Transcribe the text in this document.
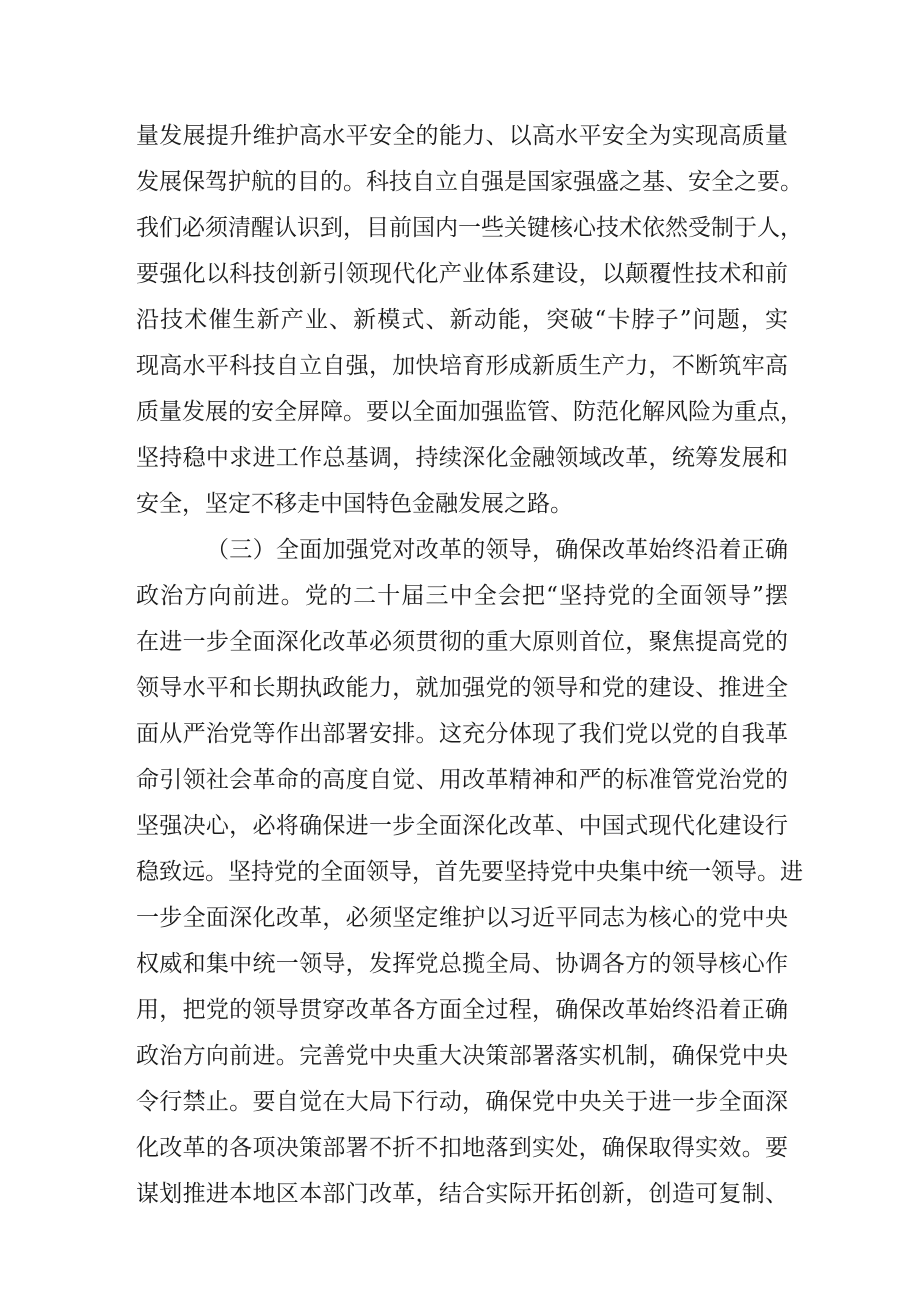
量发展提升维护高水平安全的能力、以高水平安全为实现高质量
发展保驾护航的目的。科技自立自强是国家强盛之基、安全之要。
我们必须清醒认识到，目前国内一些关键核心技术依然受制于人，
要强化以科技创新引领现代化产业体系建设，以颠覆性技术和前
沿技术催生新产业、新模式、新动能，突破“卡脖子”问题，实
现高水平科技自立自强，加快培育形成新质生产力，不断筑牢高
质量发展的安全屏障。要以全面加强监管、防范化解风险为重点，
坚持稳中求进工作总基调，持续深化金融领域改革，统筹发展和
安全，坚定不移走中国特色金融发展之路。
（三）全面加强党对改革的领导，确保改革始终沿着正确
政治方向前进。党的二十届三中全会把“坚持党的全面领导”摆
在进一步全面深化改革必须贯彻的重大原则首位，聚焦提高党的
领导水平和长期执政能力，就加强党的领导和党的建设、推进全
面从严治党等作出部署安排。这充分体现了我们党以党的自我革
命引领社会革命的高度自觉、用改革精神和严的标准管党治党的
坚强决心，必将确保进一步全面深化改革、中国式现代化建设行
稳致远。坚持党的全面领导，首先要坚持党中央集中统一领导。进
一步全面深化改革，必须坚定维护以习近平同志为核心的党中央
权威和集中统一领导，发挥党总揽全局、协调各方的领导核心作
用，把党的领导贯穿改革各方面全过程，确保改革始终沿着正确
政治方向前进。完善党中央重大决策部署落实机制，确保党中央
令行禁止。要自觉在大局下行动，确保党中央关于进一步全面深
化改革的各项决策部署不折不扣地落到实处，确保取得实效。要
谋划推进本地区本部门改革，结合实际开拓创新，创造可复制、
